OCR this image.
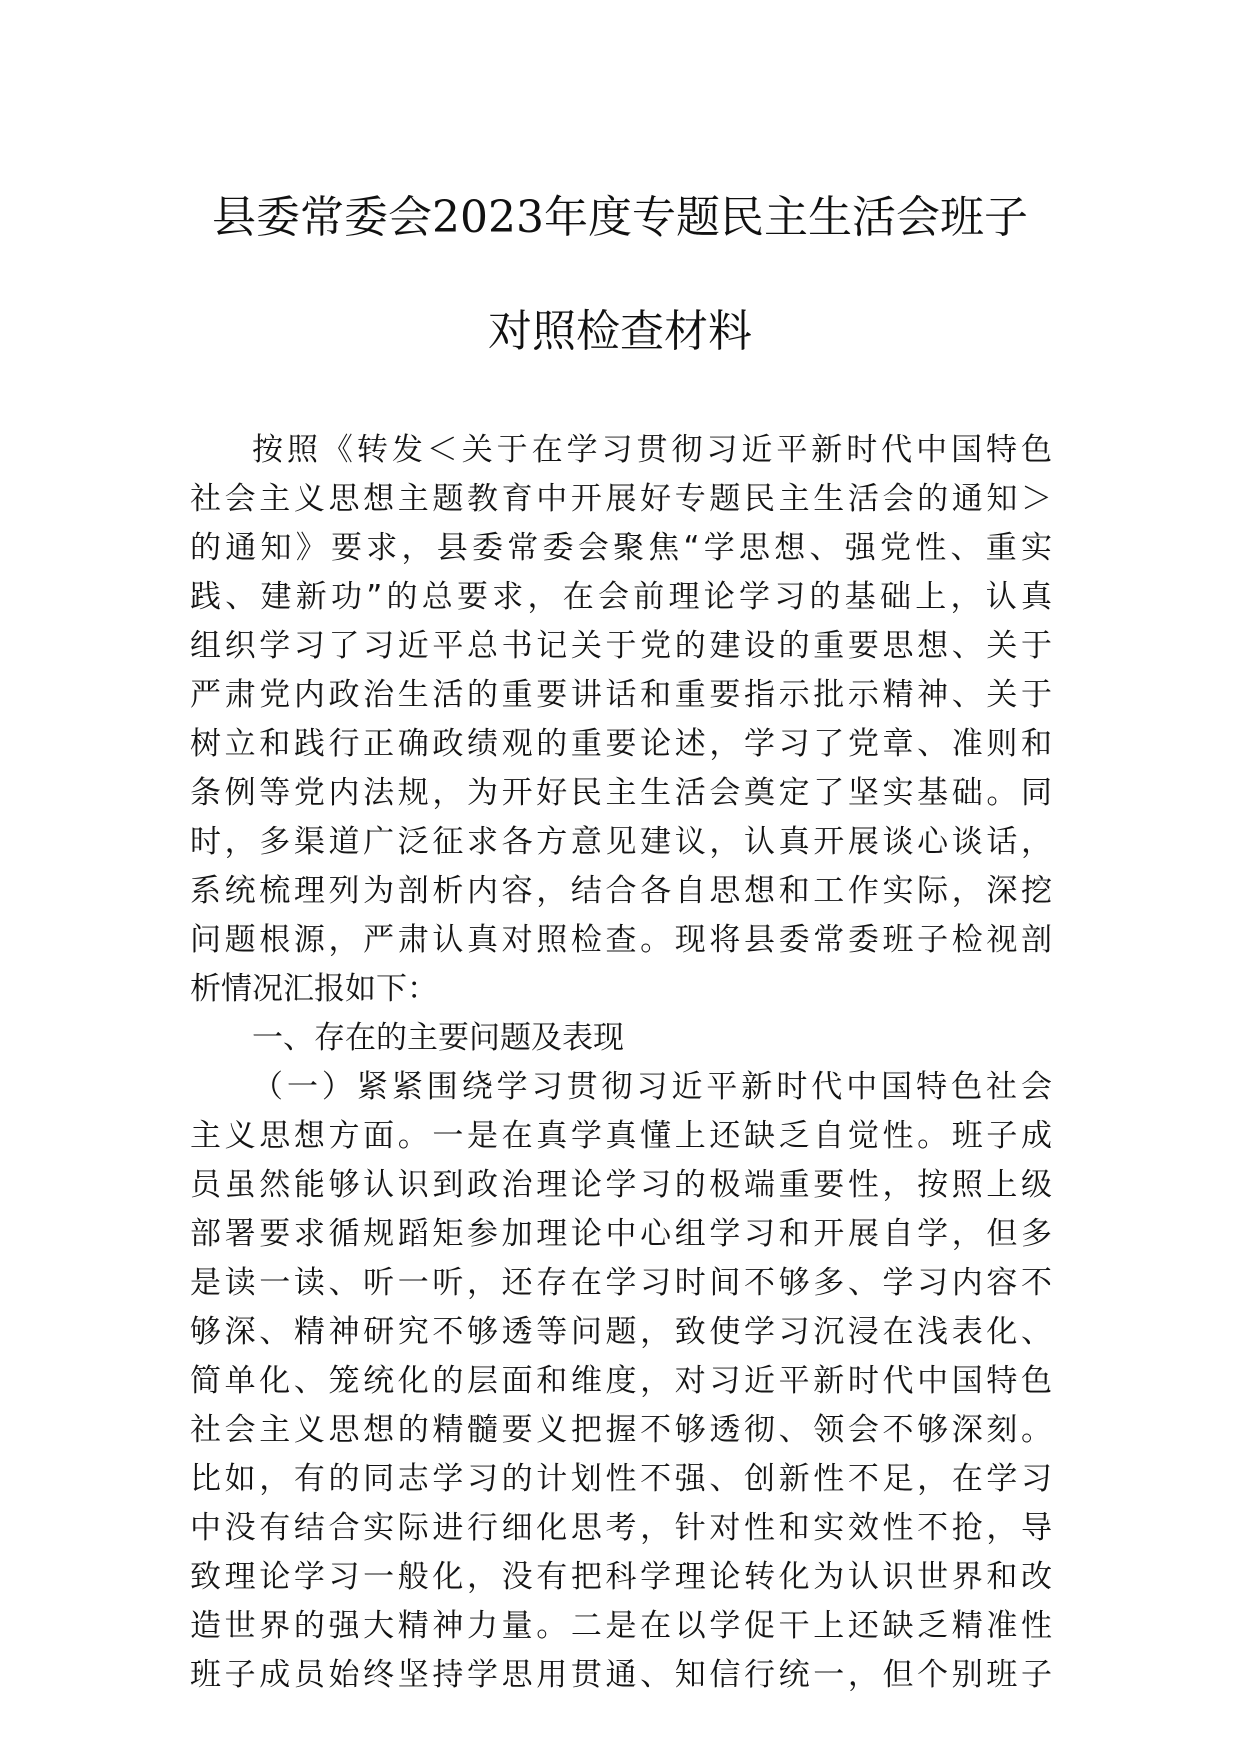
县委常委会2023年度专题民主生活会班子
对照检查材料
按照《转发＜关于在学习贯彻习近平新时代中国特色
社会主义思想主题教育中开展好专题民主生活会的通知＞
的通知》要求，县委常委会聚焦“学思想、强党性、重实
践、建新功”的总要求，在会前理论学习的基础上，认真
组织学习了习近平总书记关于党的建设的重要思想、关于
严肃党内政治生活的重要讲话和重要指示批示精神、关于
树立和践行正确政绩观的重要论述，学习了党章、准则和
条例等党内法规，为开好民主生活会奠定了坚实基础。同
时，多渠道广泛征求各方意见建议，认真开展谈心谈话，
系统梳理列为剖析内容，结合各自思想和工作实际，深挖
问题根源，严肃认真对照检查。现将县委常委班子检视剖
析情况汇报如下：
一、存在的主要问题及表现
（一）紧紧围绕学习贯彻习近平新时代中国特色社会
主义思想方面。一是在真学真懂上还缺乏自觉性。班子成
员虽然能够认识到政治理论学习的极端重要性，按照上级
部署要求循规蹈矩参加理论中心组学习和开展自学，但多
是读一读、听一听，还存在学习时间不够多、学习内容不
够深、精神研究不够透等问题，致使学习沉浸在浅表化、
简单化、笼统化的层面和维度，对习近平新时代中国特色
社会主义思想的精髓要义把握不够透彻、领会不够深刻。
比如，有的同志学习的计划性不强、创新性不足，在学习
中没有结合实际进行细化思考，针对性和实效性不抢，导
致理论学习一般化，没有把科学理论转化为认识世界和改
造世界的强大精神力量。二是在以学促干上还缺乏精准性
班子成员始终坚持学思用贯通、知信行统一，但个别班子
